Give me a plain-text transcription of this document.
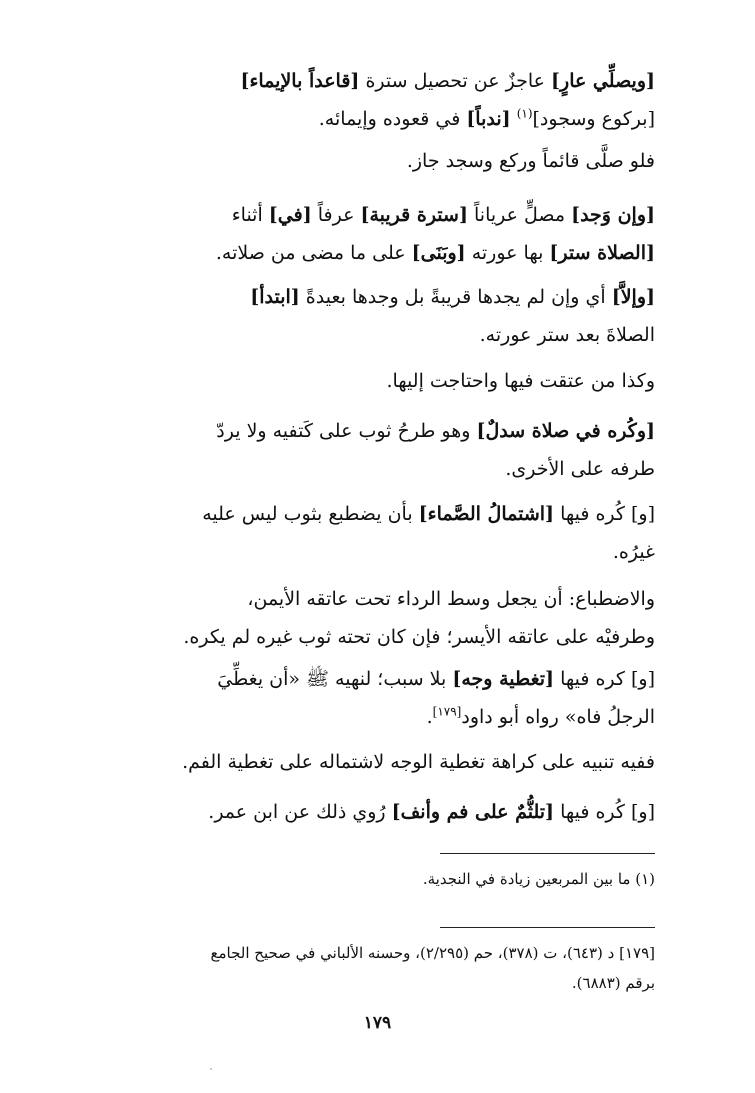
[ويصلِّي عارٍ] عاجزٌ عن تحصيل سترة [قاعداً بالإيماء]
[بركوع وسجود]$^{(١)}$ [ندباً] في قعوده وإيمائه.

فلو صلَّى قائماً وركع وسجد جاز.

[وإن وَجد] مصلٍّ عرياناً [سترة قريبة] عرفاً [في] أثناء
[الصلاة ستر] بها عورته [وبَنَى] على ما مضى من صلاته.

[وإلاَّ] أي وإن لم يجدها قريبةً بل وجدها بعيدةً [ابتدأ]
الصلاةَ بعد ستر عورته.

وكذا من عتقت فيها واحتاجت إليها.

[وكُره في صلاة سدلٌ] وهو طرحُ ثوب على كَتفيه ولا يردّ
طرفه على الأخرى.

[و] كُره فيها [اشتمالُ الصَّماء] بأن يضطبع بثوب ليس عليه
غيرُه.

والاضطباع: أن يجعل وسط الرداء تحت عاتقه الأيمن،
وطرفيْه على عاتقه الأيسر؛ فإن كان تحته ثوب غيره لم يكره.

[و] كره فيها [تغطية وجه] بلا سبب؛ لنهيه ﷺ «أن يغطِّيَ
الرجلُ فاه» رواه أبو داود[١٧٩].

ففيه تنبيه على كراهة تغطية الوجه لاشتماله على تغطية الفم.

[و] كُره فيها [تلثُّمٌ على فم وأنف] رُوي ذلك عن ابن عمر.

(١) ما بين المربعين زيادة في النجدية.

[١٧٩] د (٦٤٣)، ت (٣٧٨)، حم (٢/٢٩٥)، وحسنه الألباني في صحيح الجامع
برقم (٦٨٨٣).

١٧٩
